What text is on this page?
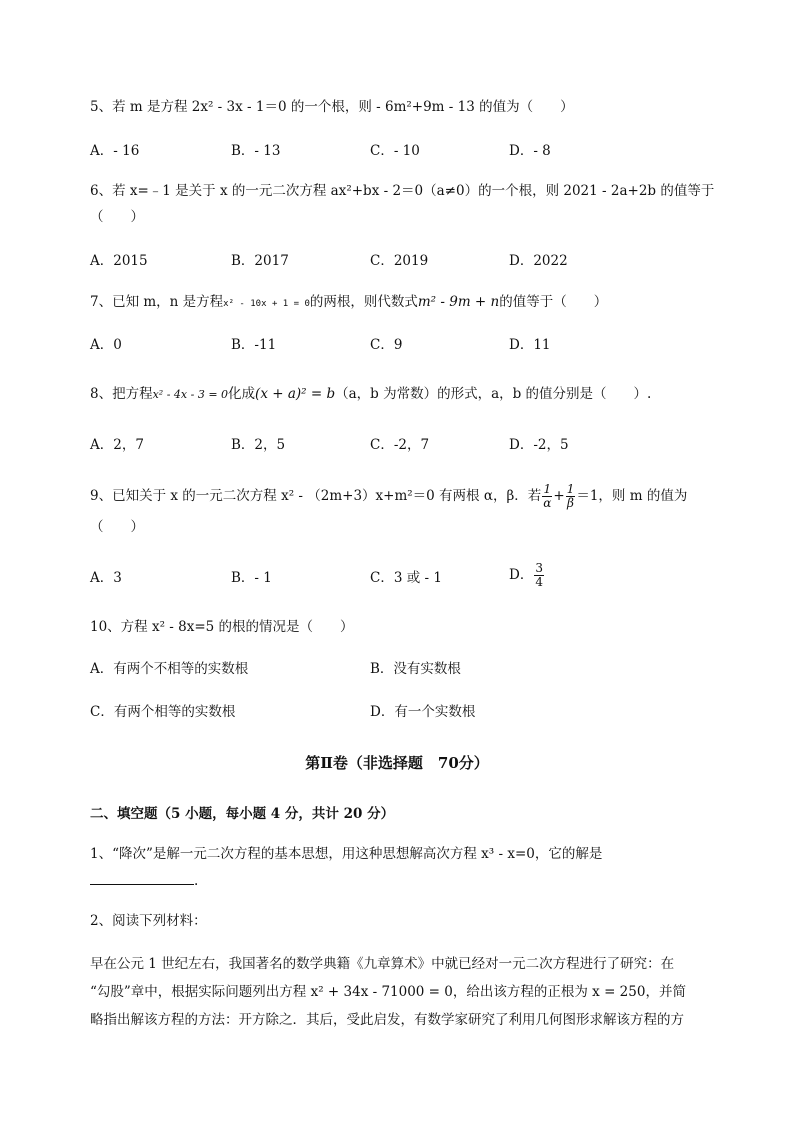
5、若 m 是方程 2x² - 3x - 1＝0 的一个根，则 - 6m²+9m - 13 的值为（　　）
A．- 16	B．- 13	C．- 10	D．- 8
6、若 x=﹣1 是关于 x 的一元二次方程 ax²+bx - 2＝0（a≠0）的一个根，则 2021 - 2a+2b 的值等于
（　　）
A．2015	B．2017	C．2019	D．2022
7、已知 m，n 是方程x² - 10x + 1 = 0的两根，则代数式m² - 9m + n的值等于（　　）
A．0	B．-11	C．9	D．11
8、把方程x² - 4x - 3 = 0化成(x + a)² = b（a，b 为常数）的形式，a，b 的值分别是（　　）.
A．2，7	B．2，5	C．-2，7	D．-2，5
9、已知关于 x 的一元二次方程 x² - （2m+3）x+m²＝0 有两根 α，β．若 $\frac{1}{\alpha} + \frac{1}{\beta} =1$，则 m 的值为
（　　）
A．3	B．- 1	C．3 或 - 1	D． $\frac{3}{4}$
10、方程 x² - 8x=5 的根的情况是（　　）
A．有两个不相等的实数根	B．没有实数根
C．有两个相等的实数根	D．有一个实数根
第Ⅱ卷（非选择题　70分）
二、填空题（5 小题，每小题 4 分，共计 20 分）
1、“降次”是解一元二次方程的基本思想，用这种思想解高次方程 x³ - x=0，它的解是
.
2、阅读下列材料：
早在公元 1 世纪左右，我国著名的数学典籍《九章算术》中就已经对一元二次方程进行了研究：在
“勾股”章中，根据实际问题列出方程 x² + 34x - 71000 = 0，给出该方程的正根为 x = 250，并简
略指出解该方程的方法：开方除之．其后，受此启发，有数学家研究了利用几何图形求解该方程的方
